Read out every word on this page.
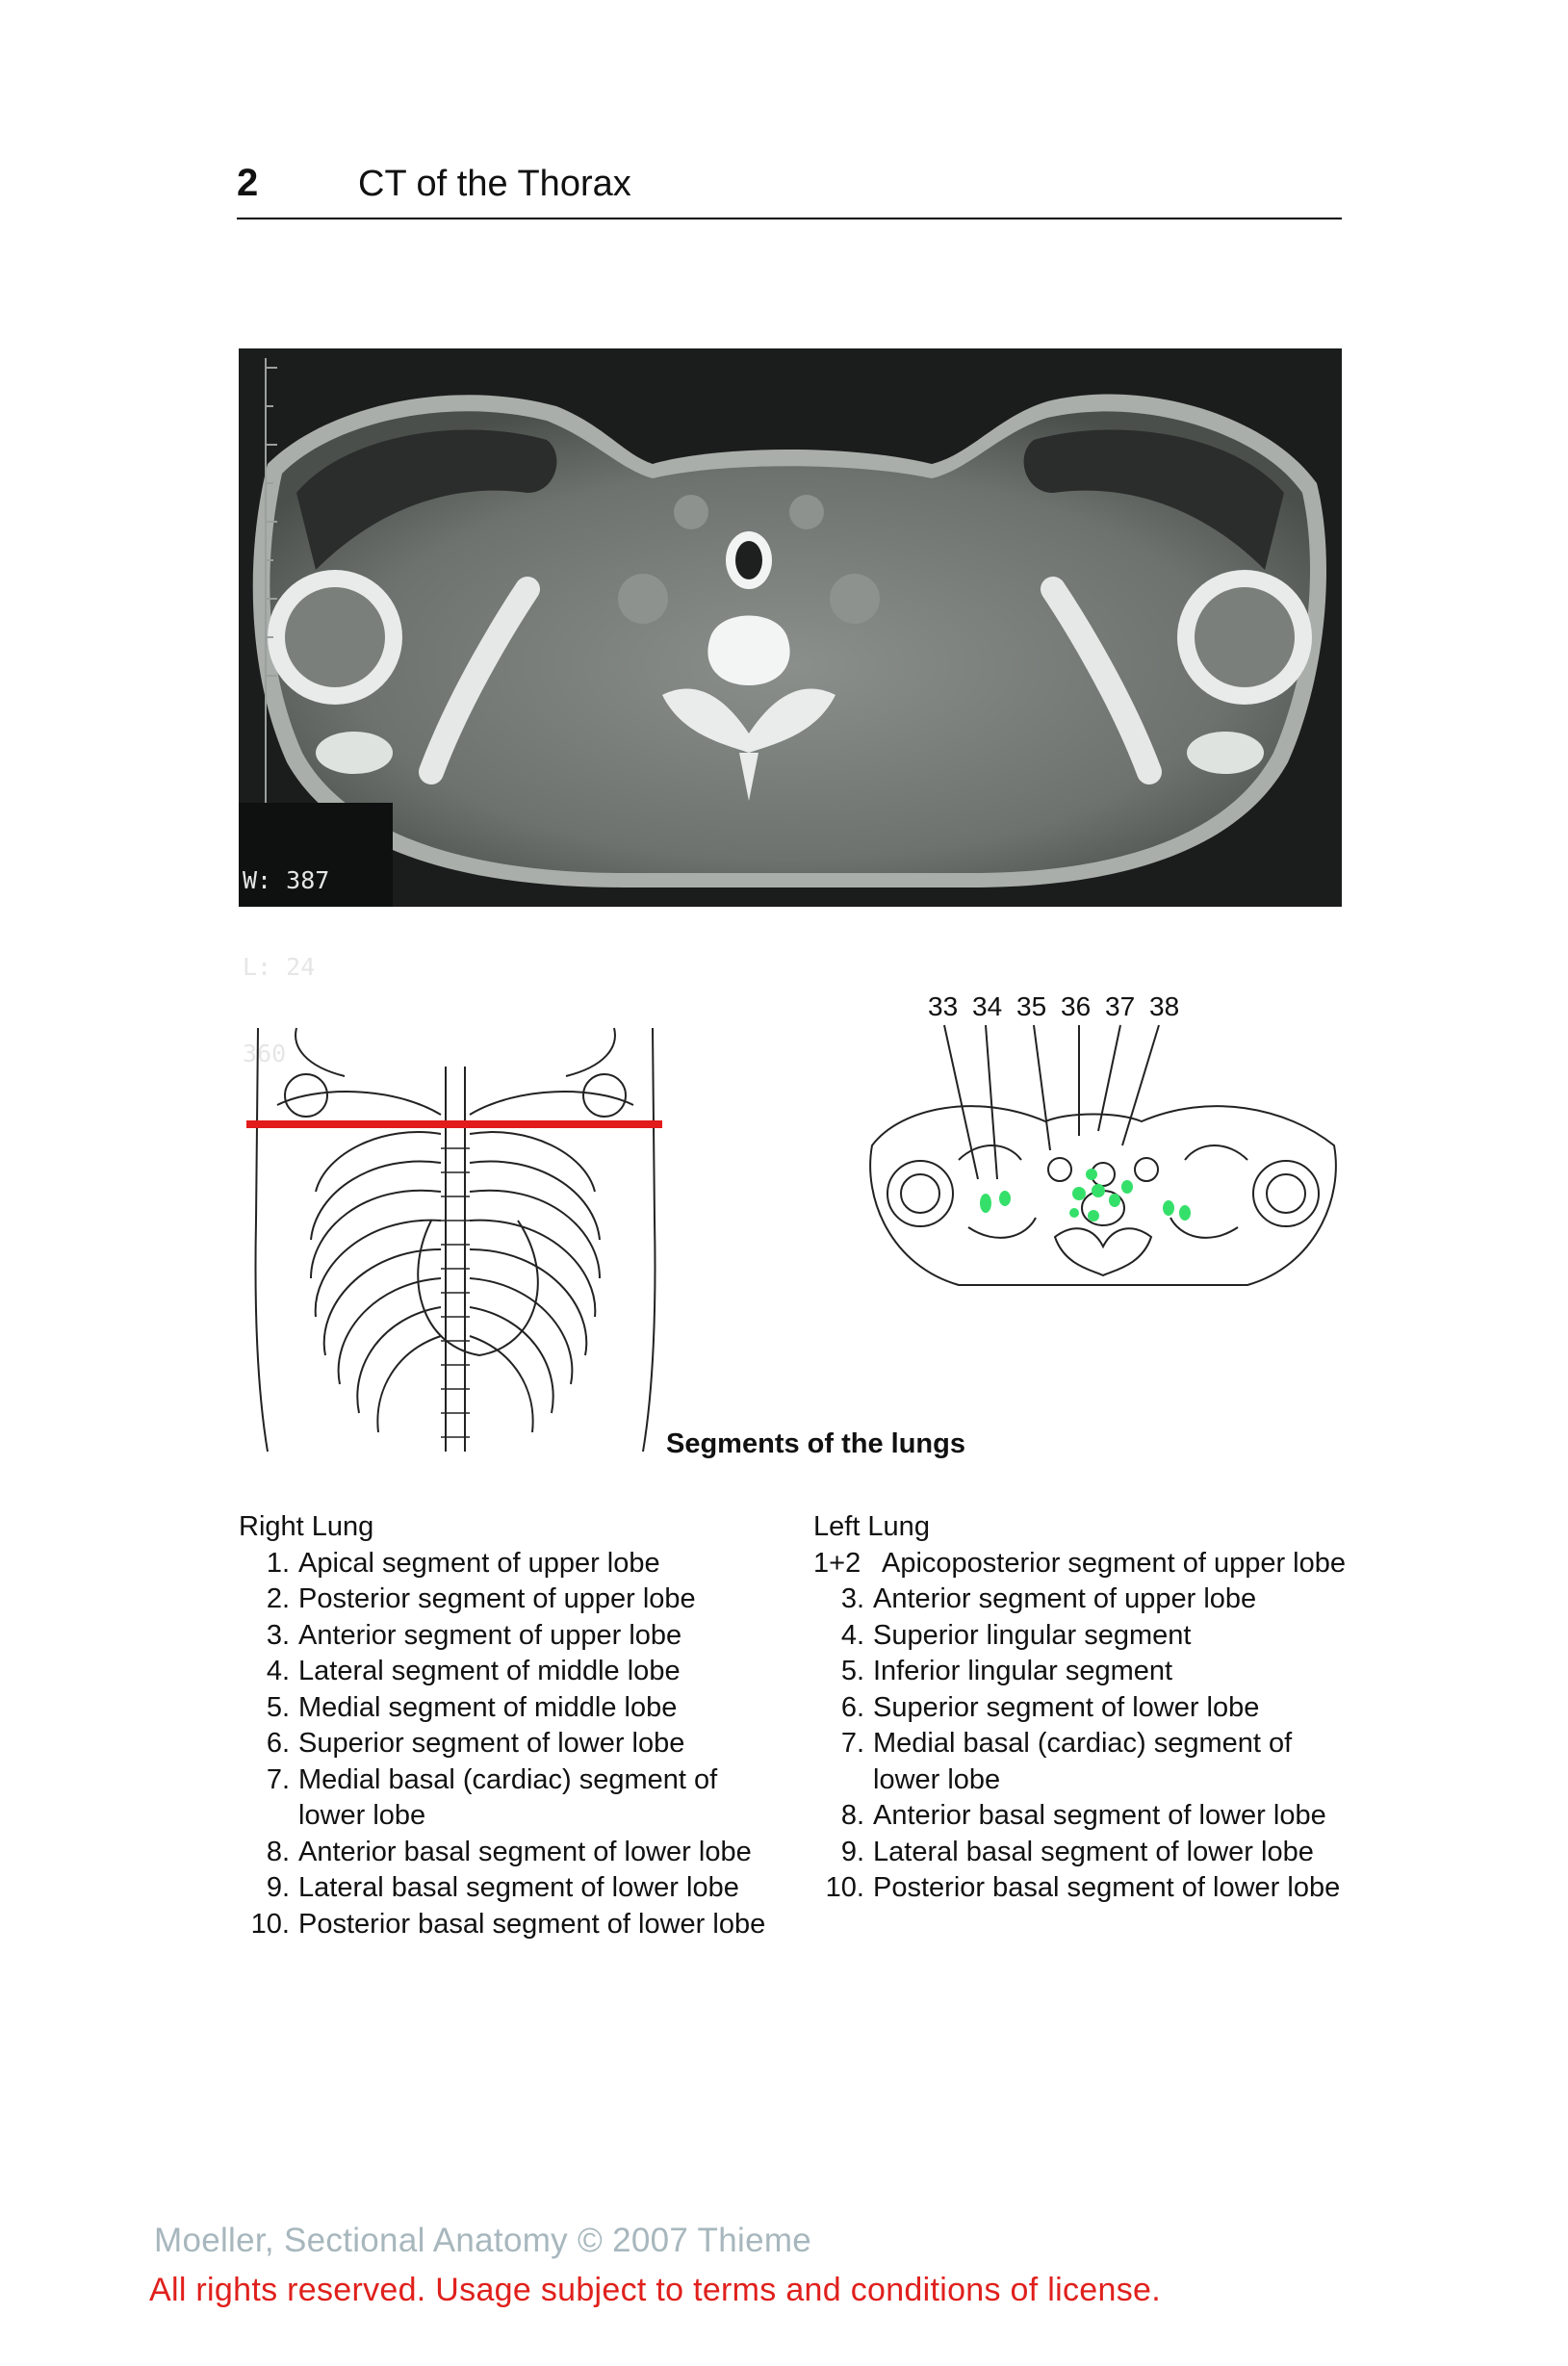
2	CT of the Thorax

W: 387

L: 24

360

33 34 35 36 37 38
Segments of the lungs
Right Lung
1. Apical segment of upper lobe
2. Posterior segment of upper lobe
3. Anterior segment of upper lobe
4. Lateral segment of middle lobe
5. Medial segment of middle lobe
6. Superior segment of lower lobe
7. Medial basal (cardiac) segment of lower lobe
8. Anterior basal segment of lower lobe
9. Lateral basal segment of lower lobe
10. Posterior basal segment of lower lobe
Left Lung
1+2 Apicoposterior segment of upper lobe
3. Anterior segment of upper lobe
4. Superior lingular segment
5. Inferior lingular segment
6. Superior segment of lower lobe
7. Medial basal (cardiac) segment of lower lobe
8. Anterior basal segment of lower lobe
9. Lateral basal segment of lower lobe
10. Posterior basal segment of lower lobe
Moeller, Sectional Anatomy © 2007 Thieme
All rights reserved. Usage subject to terms and conditions of license.
